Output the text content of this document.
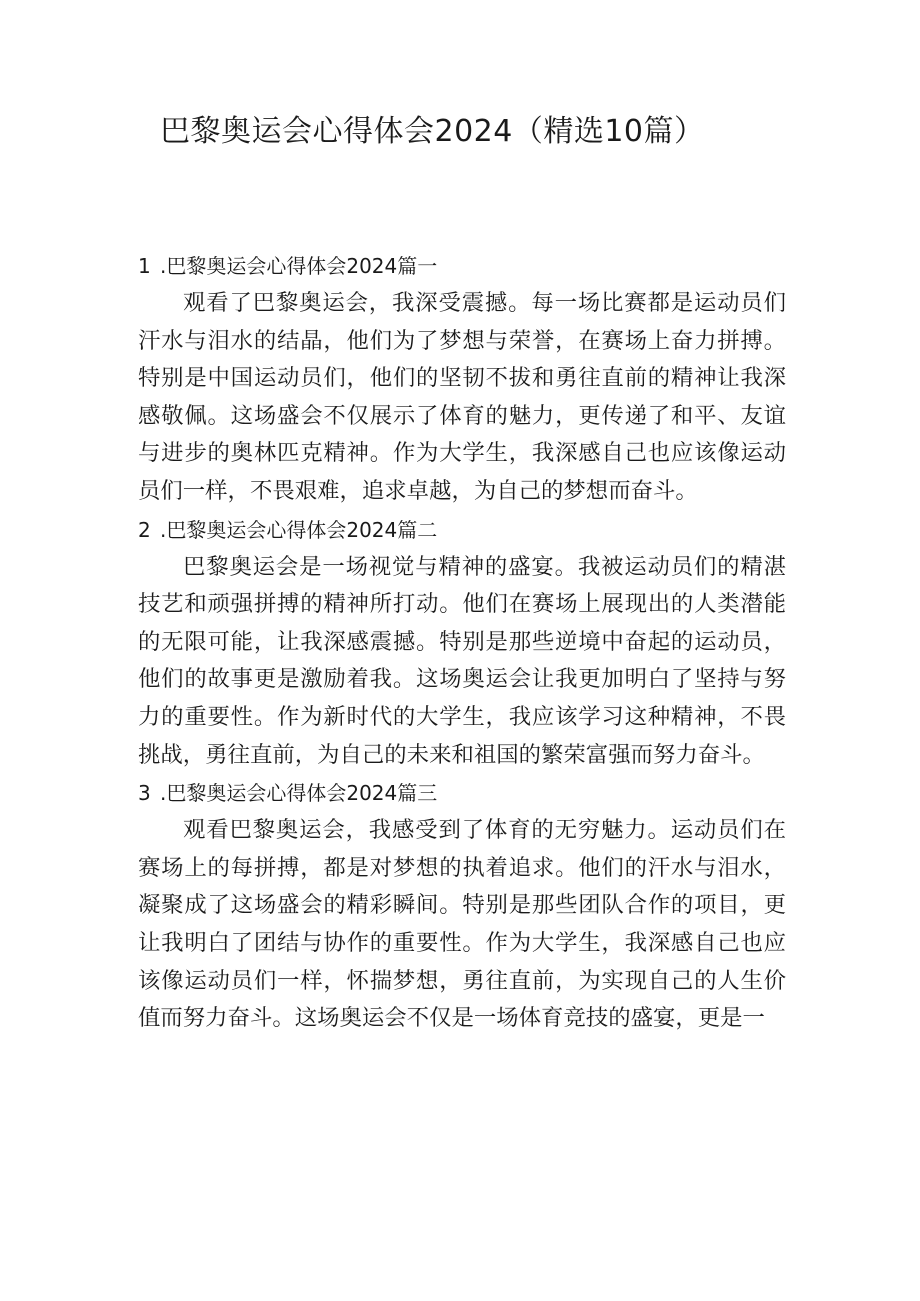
巴黎奥运会心得体会2024（精选10篇）
1 .巴黎奥运会心得体会2024篇一

观看了巴黎奥运会，我深受震撼。每一场比赛都是运动员们汗水与泪水的结晶，他们为了梦想与荣誉，在赛场上奋力拼搏。特别是中国运动员们，他们的坚韧不拔和勇往直前的精神让我深感敬佩。这场盛会不仅展示了体育的魅力，更传递了和平、友谊与进步的奥林匹克精神。作为大学生，我深感自己也应该像运动员们一样，不畏艰难，追求卓越，为自己的梦想而奋斗。

2 .巴黎奥运会心得体会2024篇二

巴黎奥运会是一场视觉与精神的盛宴。我被运动员们的精湛技艺和顽强拼搏的精神所打动。他们在赛场上展现出的人类潜能的无限可能，让我深感震撼。特别是那些逆境中奋起的运动员，他们的故事更是激励着我。这场奥运会让我更加明白了坚持与努力的重要性。作为新时代的大学生，我应该学习这种精神，不畏挑战，勇往直前，为自己的未来和祖国的繁荣富强而努力奋斗。

3 .巴黎奥运会心得体会2024篇三

观看巴黎奥运会，我感受到了体育的无穷魅力。运动员们在赛场上的每拼搏，都是对梦想的执着追求。他们的汗水与泪水，凝聚成了这场盛会的精彩瞬间。特别是那些团队合作的项目，更让我明白了团结与协作的重要性。作为大学生，我深感自己也应该像运动员们一样，怀揣梦想，勇往直前，为实现自己的人生价值而努力奋斗。这场奥运会不仅是一场体育竞技的盛宴，更是一
